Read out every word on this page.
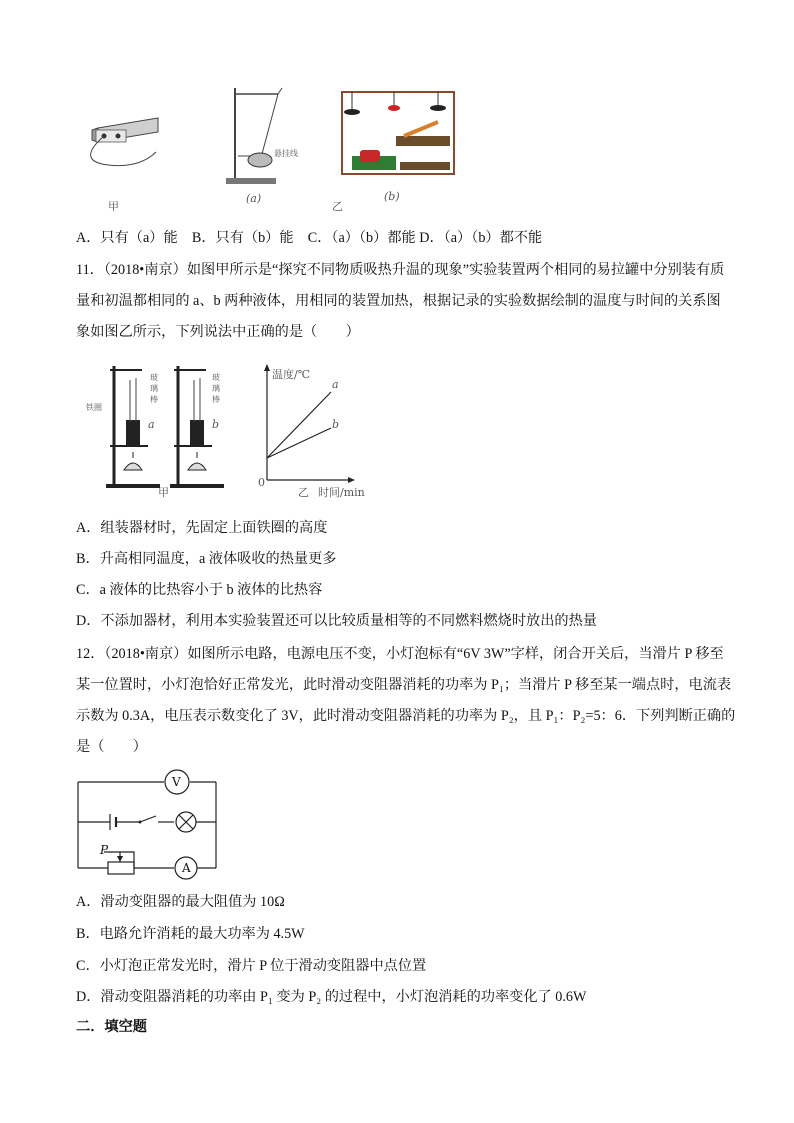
甲
悬挂线
(a)
乙
(b)
A．只有（a）能　B．只有（b）能　C．（a）（b）都能 D．（a）（b）都不能
11．（2018•南京）如图甲所示是“探究不同物质吸热升温的现象”实验装置两个相同的易拉罐中分别装有质
量和初温都相同的 a、b 两种液体，用相同的装置加热，根据记录的实验数据绘制的温度与时间的关系图
象如图乙所示，下列说法中正确的是（　　）
铁圈
玻璃棒
玻璃棒
a	b
甲
温度/℃
a
b
0
乙 时间/min
A．组装器材时，先固定上面铁圈的高度
B．升高相同温度，a 液体吸收的热量更多
C．a 液体的比热容小于 b 液体的比热容
D．不添加器材，利用本实验装置还可以比较质量相等的不同燃料燃烧时放出的热量
12．（2018•南京）如图所示电路，电源电压不变，小灯泡标有“6V 3W”字样，闭合开关后，当滑片 P 移至
某一位置时，小灯泡恰好正常发光，此时滑动变阻器消耗的功率为 P₁；当滑片 P 移至某一端点时，电流表
示数为 0.3A，电压表示数变化了 3V，此时滑动变阻器消耗的功率为 P₂，且 P₁：P₂=5：6．下列判断正确的
是（　　）
V
A
P
A．滑动变阻器的最大阻值为 10Ω
B．电路允许消耗的最大功率为 4.5W
C．小灯泡正常发光时，滑片 P 位于滑动变阻器中点位置
D．滑动变阻器消耗的功率由 P₁ 变为 P₂ 的过程中，小灯泡消耗的功率变化了 0.6W
二．填空题
